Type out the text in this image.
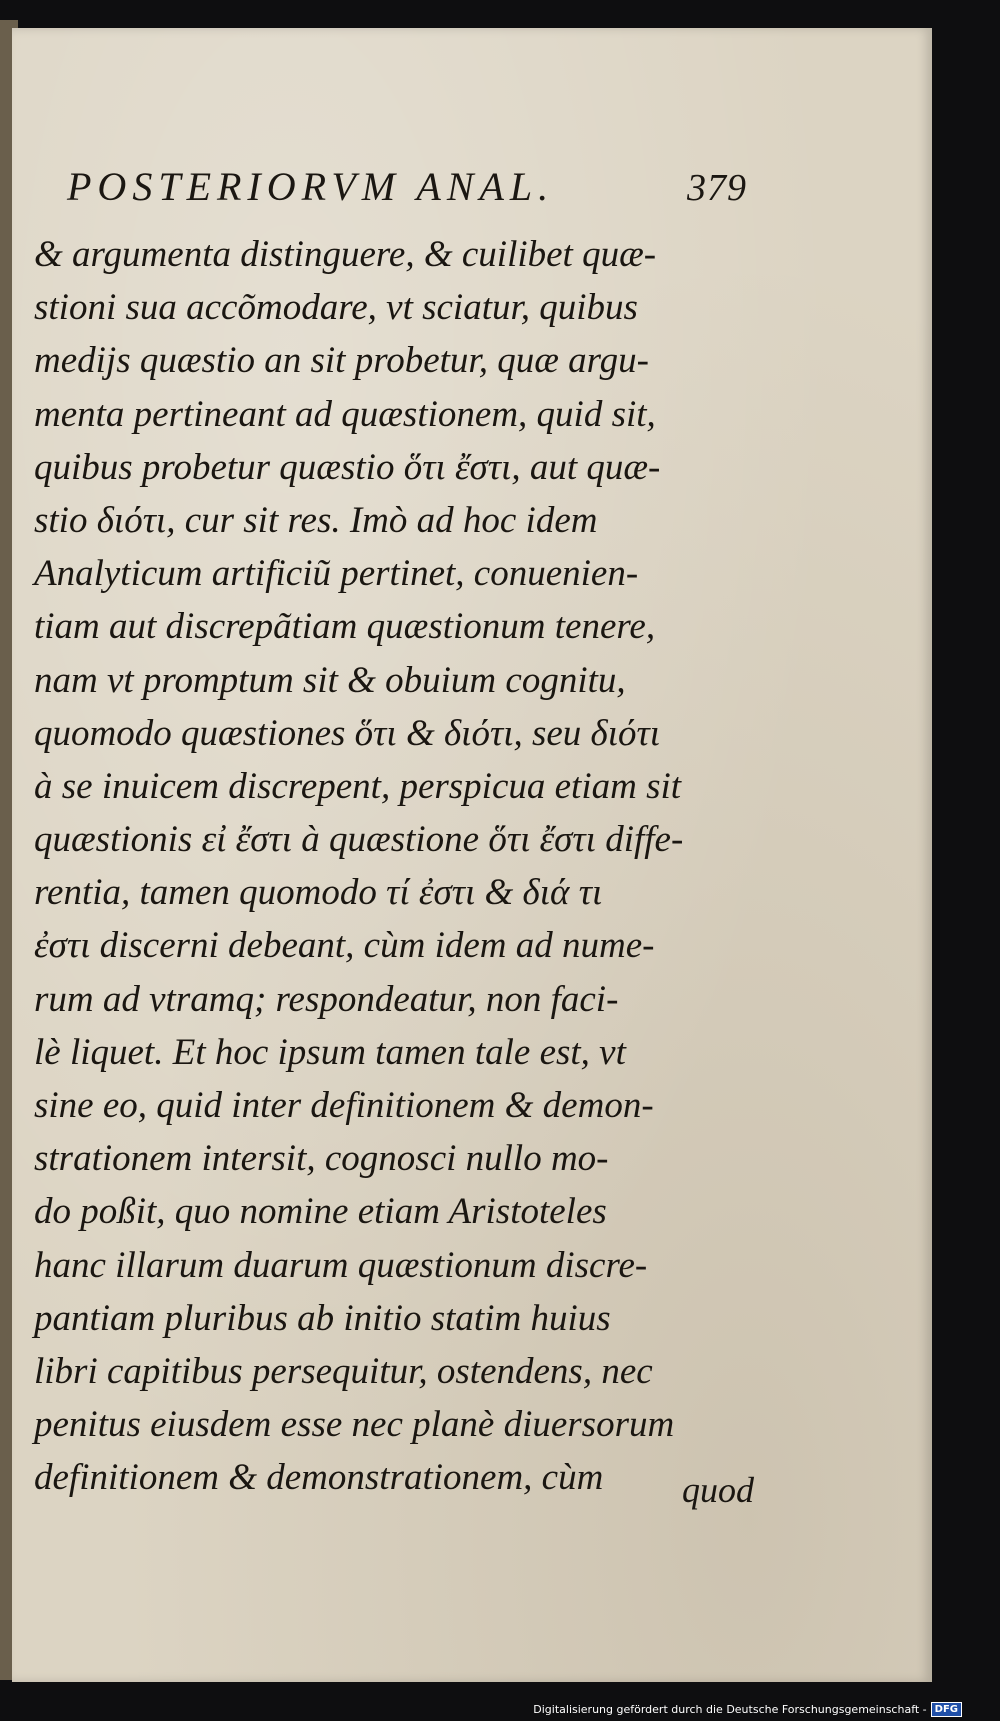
POSTERIORVM ANAL.	379
& argumenta distinguere, & cuilibet quæ-
stioni sua accõmodare, vt sciatur, quibus
medijs quæstio an sit probetur, quæ argu-
menta pertineant ad quæstionem, quid sit,
quibus probetur quæstio ὅτι ἔστι, aut quæ-
stio διότι, cur sit res. Imò ad hoc idem
Analyticum artificiũ pertinet, conuenien-
tiam aut discrepãtiam quæstionum tenere,
nam vt promptum sit & obuium cognitu,
quomodo quæstiones ὅτι & διότι, seu διότι
à se inuicem discrepent, perspicua etiam sit
quæstionis εἰ ἔστι à quæstione ὅτι ἔστι diffe-
rentia, tamen quomodo τί ἐστι & διά τι
ἐστι discerni debeant, cùm idem ad nume-
rum ad vtramq; respondeatur, non faci-
lè liquet. Et hoc ipsum tamen tale est, vt
sine eo, quid inter definitionem & demon-
strationem intersit, cognosci nullo mo-
do poßit, quo nomine etiam Aristoteles
hanc illarum duarum quæstionum discre-
pantiam pluribus ab initio statim huius
libri capitibus persequitur, ostendens, nec
penitus eiusdem esse nec planè diuersorum
definitionem & demonstrationem, cùm	quod
Digitalisierung gefördert durch die Deutsche Forschungsgemeinschaft - DFG
